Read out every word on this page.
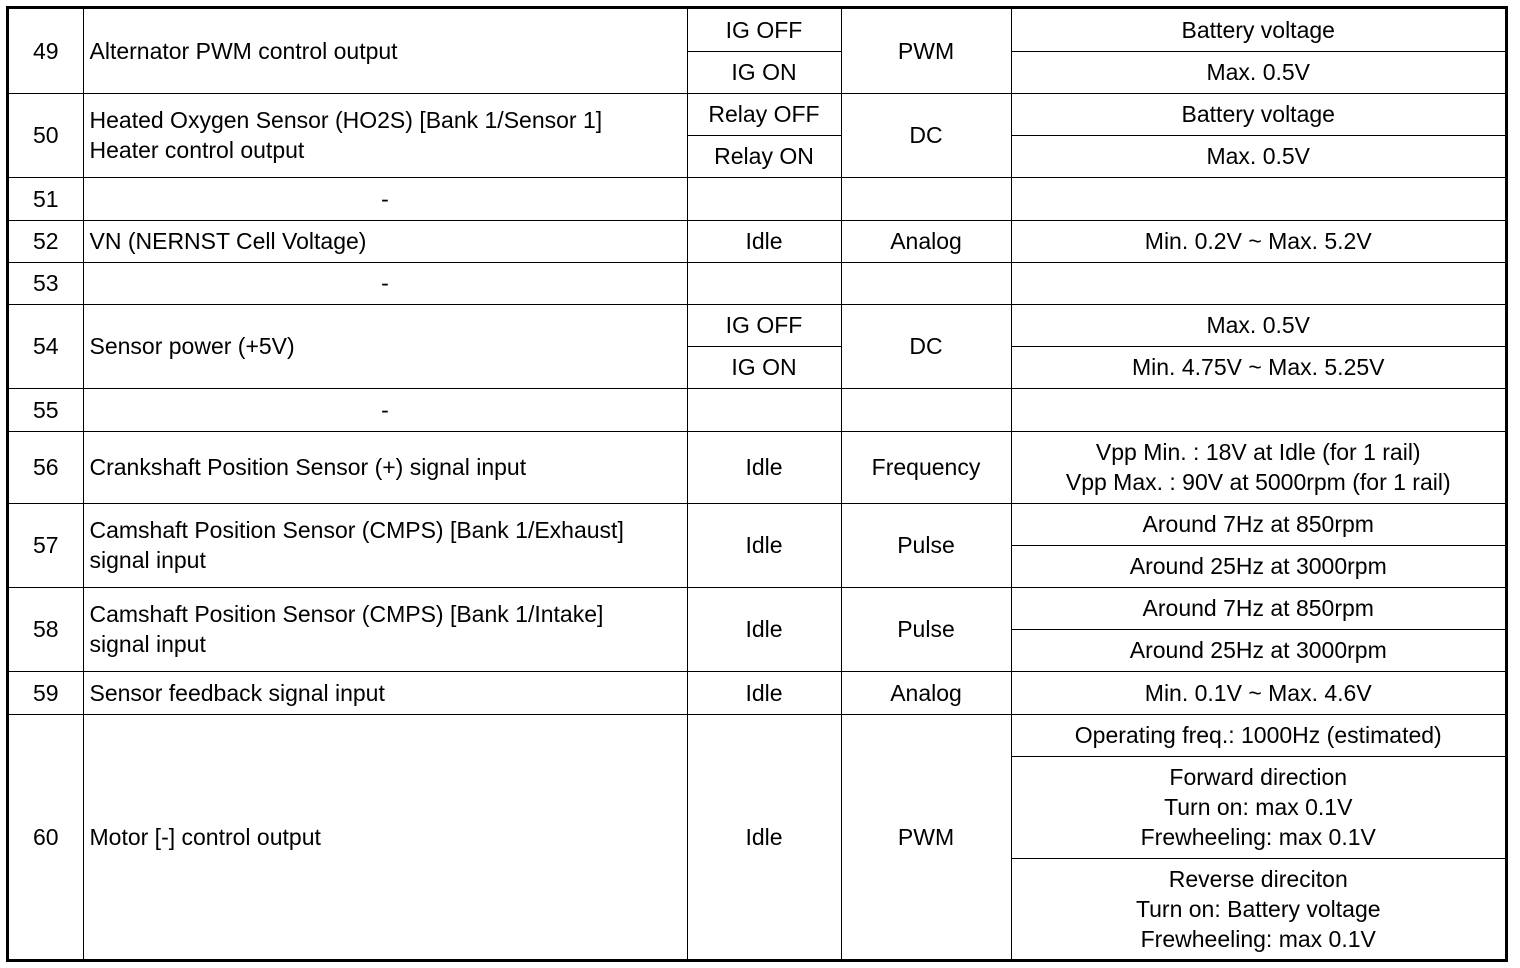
49	Alternator PWM control output	IG OFF	PWM	Battery voltage

		IG ON		Max. 0.5V

50	Heated Oxygen Sensor (HO2S) [Bank 1/Sensor 1]
Heater control output	Relay OFF	DC	Battery voltage

		Relay ON		Max. 0.5V

51	-			

52	VN (NERNST Cell Voltage)	Idle	Analog	Min. 0.2V ~ Max. 5.2V

53	-			

54	Sensor power (+5V)	IG OFF	DC	Max. 0.5V

		IG ON		Min. 4.75V ~ Max. 5.25V

55	-			

56	Crankshaft Position Sensor (+) signal input	Idle	Frequency	Vpp Min. : 18V at Idle (for 1 rail)
Vpp Max. : 90V at 5000rpm (for 1 rail)

57	Camshaft Position Sensor (CMPS) [Bank 1/Exhaust]
signal input	Idle	Pulse	Around 7Hz at 850rpm

				Around 25Hz at 3000rpm

58	Camshaft Position Sensor (CMPS) [Bank 1/Intake]
signal input	Idle	Pulse	Around 7Hz at 850rpm

				Around 25Hz at 3000rpm

59	Sensor feedback signal input	Idle	Analog	Min. 0.1V ~ Max. 4.6V

60	Motor [-] control output	Idle	PWM	Operating freq.: 1000Hz (estimated)

				Forward direction
Turn on: max 0.1V
Frewheeling: max 0.1V

				Reverse direciton
Turn on: Battery voltage
Frewheeling: max 0.1V
